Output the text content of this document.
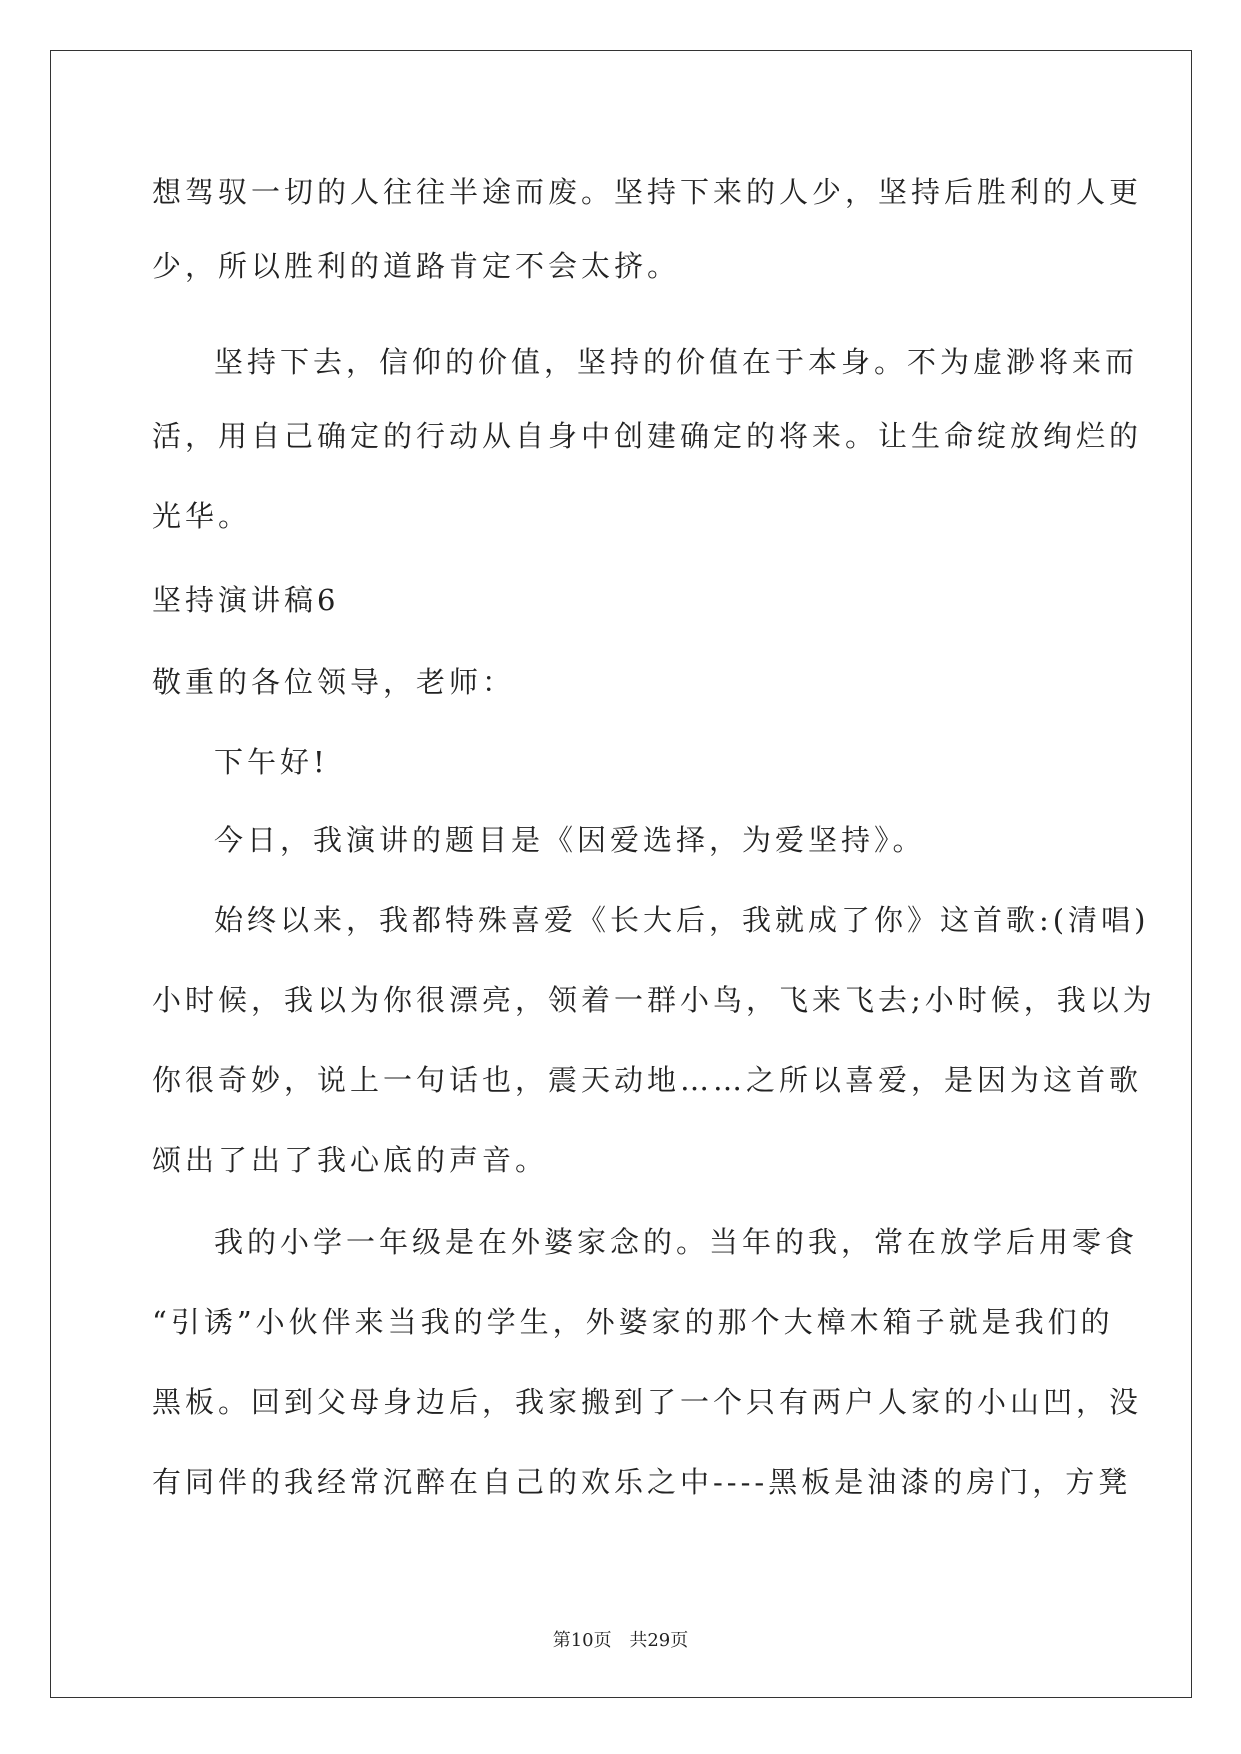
想驾驭一切的人往往半途而废。坚持下来的人少，坚持后胜利的人更
少，所以胜利的道路肯定不会太挤。
坚持下去，信仰的价值，坚持的价值在于本身。不为虚渺将来而
活，用自己确定的行动从自身中创建确定的将来。让生命绽放绚烂的
光华。
坚持演讲稿6
敬重的各位领导，老师：
下午好!
今日，我演讲的题目是《因爱选择，为爱坚持》。
始终以来，我都特殊喜爱《长大后，我就成了你》这首歌:(清唱)
小时候，我以为你很漂亮，领着一群小鸟，飞来飞去;小时候，我以为
你很奇妙，说上一句话也，震天动地……之所以喜爱，是因为这首歌
颂出了出了我心底的声音。
我的小学一年级是在外婆家念的。当年的我，常在放学后用零食
“引诱”小伙伴来当我的学生，外婆家的那个大樟木箱子就是我们的
黑板。回到父母身边后，我家搬到了一个只有两户人家的小山凹，没
有同伴的我经常沉醉在自己的欢乐之中----黑板是油漆的房门，方凳
第10页 共29页
